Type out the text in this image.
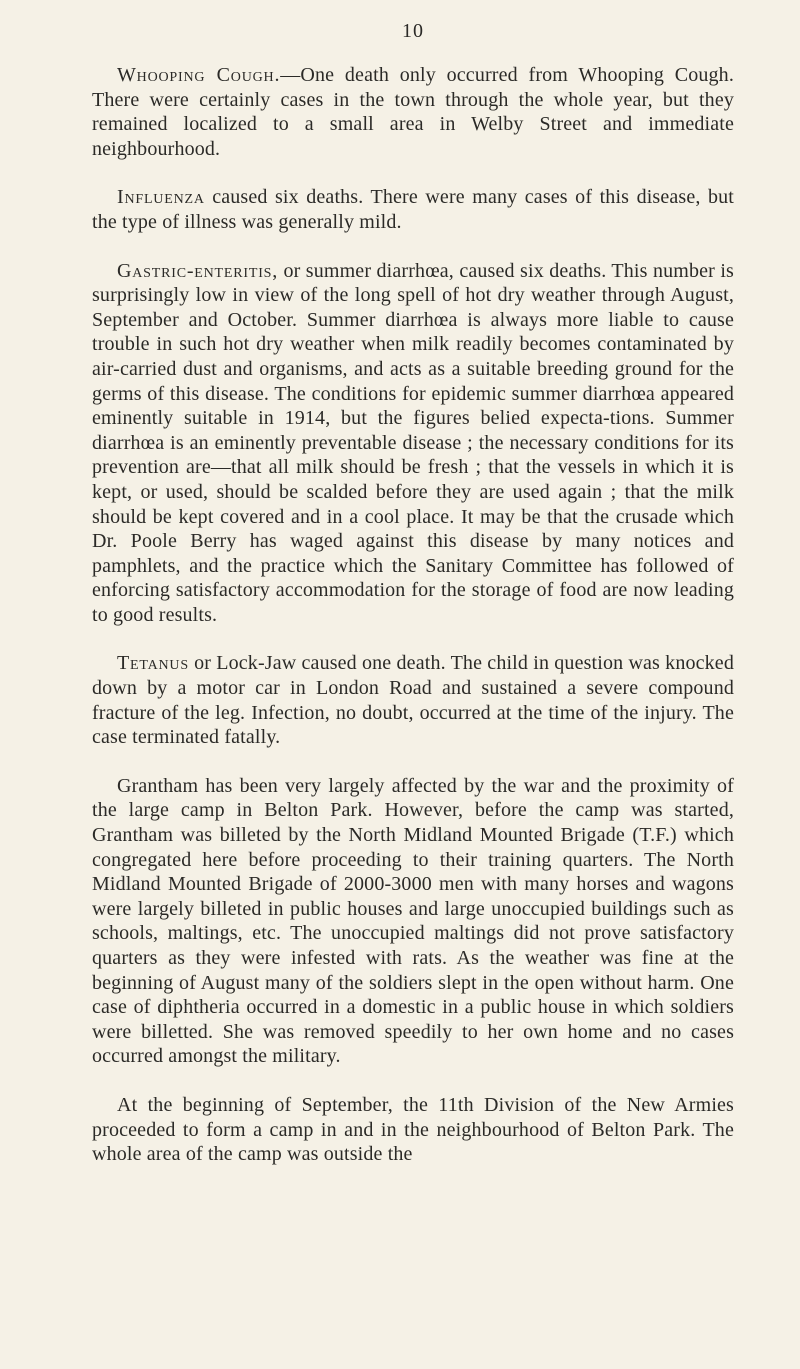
10

Whooping Cough.—One death only occurred from Whooping Cough. There were certainly cases in the town through the whole year, but they remained localized to a small area in Welby Street and immediate neighbourhood.

Influenza caused six deaths. There were many cases of this disease, but the type of illness was generally mild.

Gastric-enteritis, or summer diarrhœa, caused six deaths. This number is surprisingly low in view of the long spell of hot dry weather through August, September and October. Summer diarrhœa is always more liable to cause trouble in such hot dry weather when milk readily becomes contaminated by air-carried dust and organisms, and acts as a suitable breeding ground for the germs of this disease. The conditions for epidemic summer diarrhœa appeared eminently suitable in 1914, but the figures belied expecta-tions. Summer diarrhœa is an eminently preventable disease ; the necessary conditions for its prevention are—that all milk should be fresh ; that the vessels in which it is kept, or used, should be scalded before they are used again ; that the milk should be kept covered and in a cool place. It may be that the crusade which Dr. Poole Berry has waged against this disease by many notices and pamphlets, and the practice which the Sanitary Committee has followed of enforcing satisfactory accommodation for the storage of food are now leading to good results.

Tetanus or Lock-Jaw caused one death. The child in question was knocked down by a motor car in London Road and sustained a severe compound fracture of the leg. Infection, no doubt, occurred at the time of the injury. The case terminated fatally.

Grantham has been very largely affected by the war and the proximity of the large camp in Belton Park. However, before the camp was started, Grantham was billeted by the North Midland Mounted Brigade (T.F.) which congregated here before proceeding to their training quarters. The North Midland Mounted Brigade of 2000-3000 men with many horses and wagons were largely billeted in public houses and large unoccupied buildings such as schools, maltings, etc. The unoccupied maltings did not prove satisfactory quarters as they were infested with rats. As the weather was fine at the beginning of August many of the soldiers slept in the open without harm. One case of diphtheria occurred in a domestic in a public house in which soldiers were billetted. She was removed speedily to her own home and no cases occurred amongst the military.

At the beginning of September, the 11th Division of the New Armies proceeded to form a camp in and in the neighbourhood of Belton Park. The whole area of the camp was outside the
